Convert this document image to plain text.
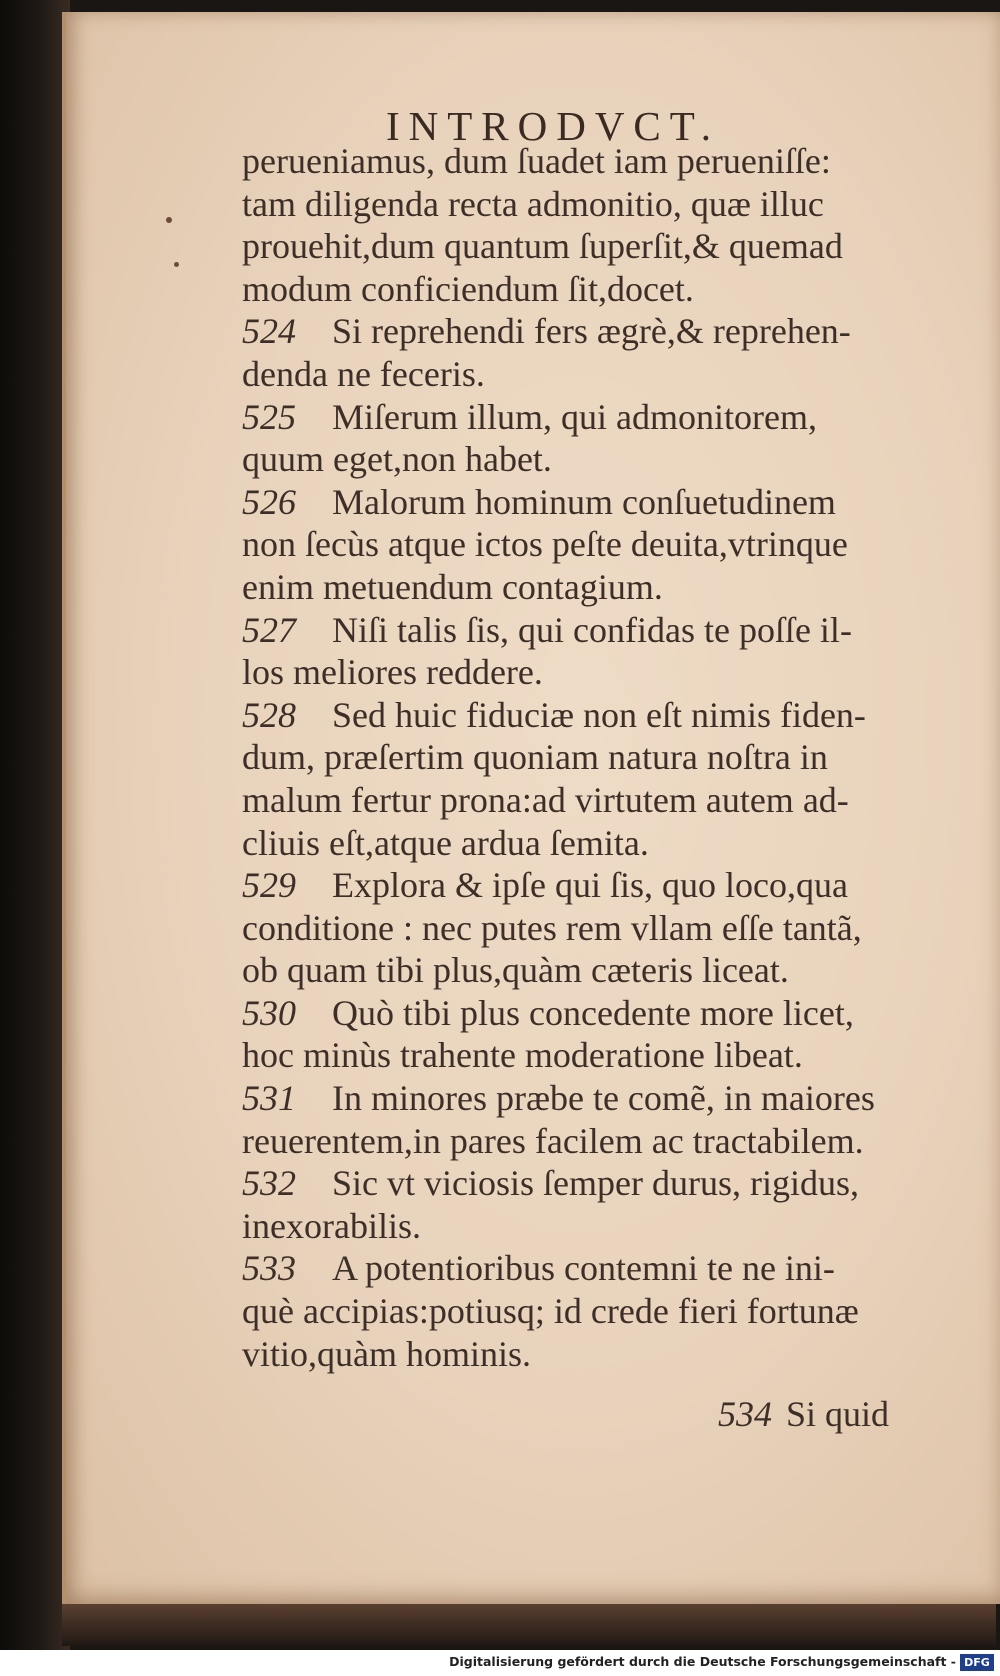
INTRODVCT.
perueniamus, dum ſuadet iam perueniſſe:
tam diligenda recta admonitio, quæ illuc
prouehit,dum quantum ſuperſit,& quemad
modum conficiendum ſit,docet.
524 Si reprehendi fers ægrè,& reprehen-
denda ne feceris.
525 Miſerum illum, qui admonitorem,
quum eget,non habet.
526 Malorum hominum conſuetudinem
non ſecùs atque ictos peſte deuita,vtrinque
enim metuendum contagium.
527 Niſi talis ſis, qui confidas te poſſe il-
los meliores reddere.
528 Sed huic fiduciæ non eſt nimis fiden-
dum, præſertim quoniam natura noſtra in
malum fertur prona:ad virtutem autem ad-
cliuis eſt,atque ardua ſemita.
529 Explora & ipſe qui ſis, quo loco,qua
conditione : nec putes rem vllam eſſe tantã,
ob quam tibi plus,quàm cæteris liceat.
530 Quò tibi plus concedente more licet,
hoc minùs trahente moderatione libeat.
531 In minores præbe te comẽ, in maiores
reuerentem,in pares facilem ac tractabilem.
532 Sic vt viciosis ſemper durus, rigidus,
inexorabilis.
533 A potentioribus contemni te ne ini-
què accipias:potiusq; id crede fieri fortunæ
vitio,quàm hominis.
534 Si quid
Digitalisierung gefördert durch die Deutsche Forschungsgemeinschaft - DFG
